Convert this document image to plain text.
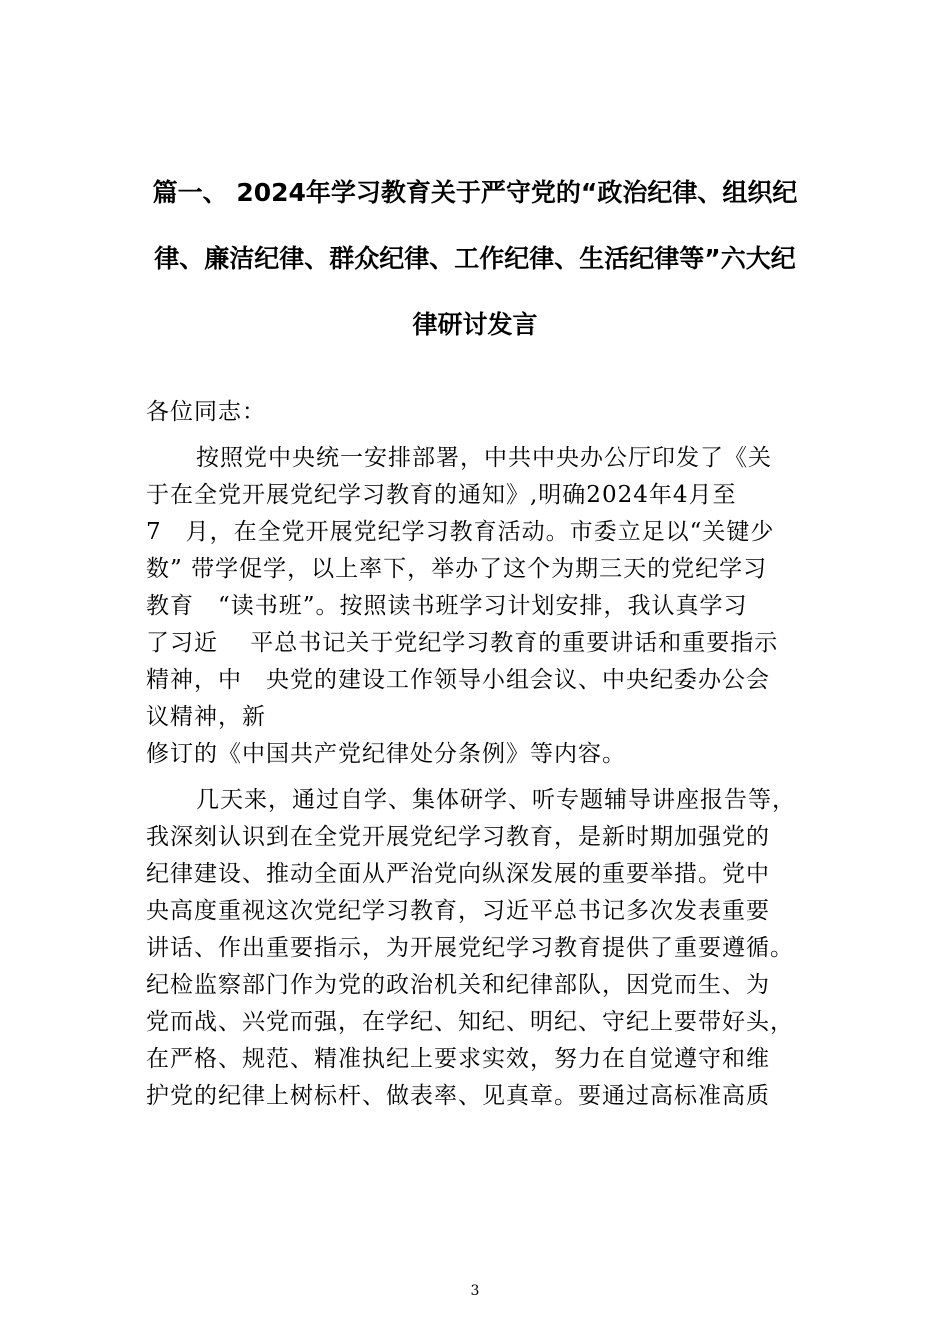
篇一、 2024年学习教育关于严守党的“政治纪律、组织纪
律、廉洁纪律、群众纪律、工作纪律、生活纪律等”六大纪
律研讨发言

各位同志：

按照党中央统一安排部署，中共中央办公厅印发了《关
于在全党开展党纪学习教育的通知》,明确2024年4月至
7　月，在全党开展党纪学习教育活动。市委立足以“关键少
数” 带学促学，以上率下，举办了这个为期三天的党纪学习
教育　“读书班”。按照读书班学习计划安排，我认真学习
了习近　 平总书记关于党纪学习教育的重要讲话和重要指示
精神，中　央党的建设工作领导小组会议、中央纪委办公会
议精神，新
修订的《中国共产党纪律处分条例》等内容。

几天来，通过自学、集体研学、听专题辅导讲座报告等，
我深刻认识到在全党开展党纪学习教育，是新时期加强党的
纪律建设、推动全面从严治党向纵深发展的重要举措。党中
央高度重视这次党纪学习教育，习近平总书记多次发表重要
讲话、作出重要指示，为开展党纪学习教育提供了重要遵循。
纪检监察部门作为党的政治机关和纪律部队，因党而生、为
党而战、兴党而强，在学纪、知纪、明纪、守纪上要带好头，
在严格、规范、精准执纪上要求实效，努力在自觉遵守和维
护党的纪律上树标杆、做表率、见真章。要通过高标准高质

3
